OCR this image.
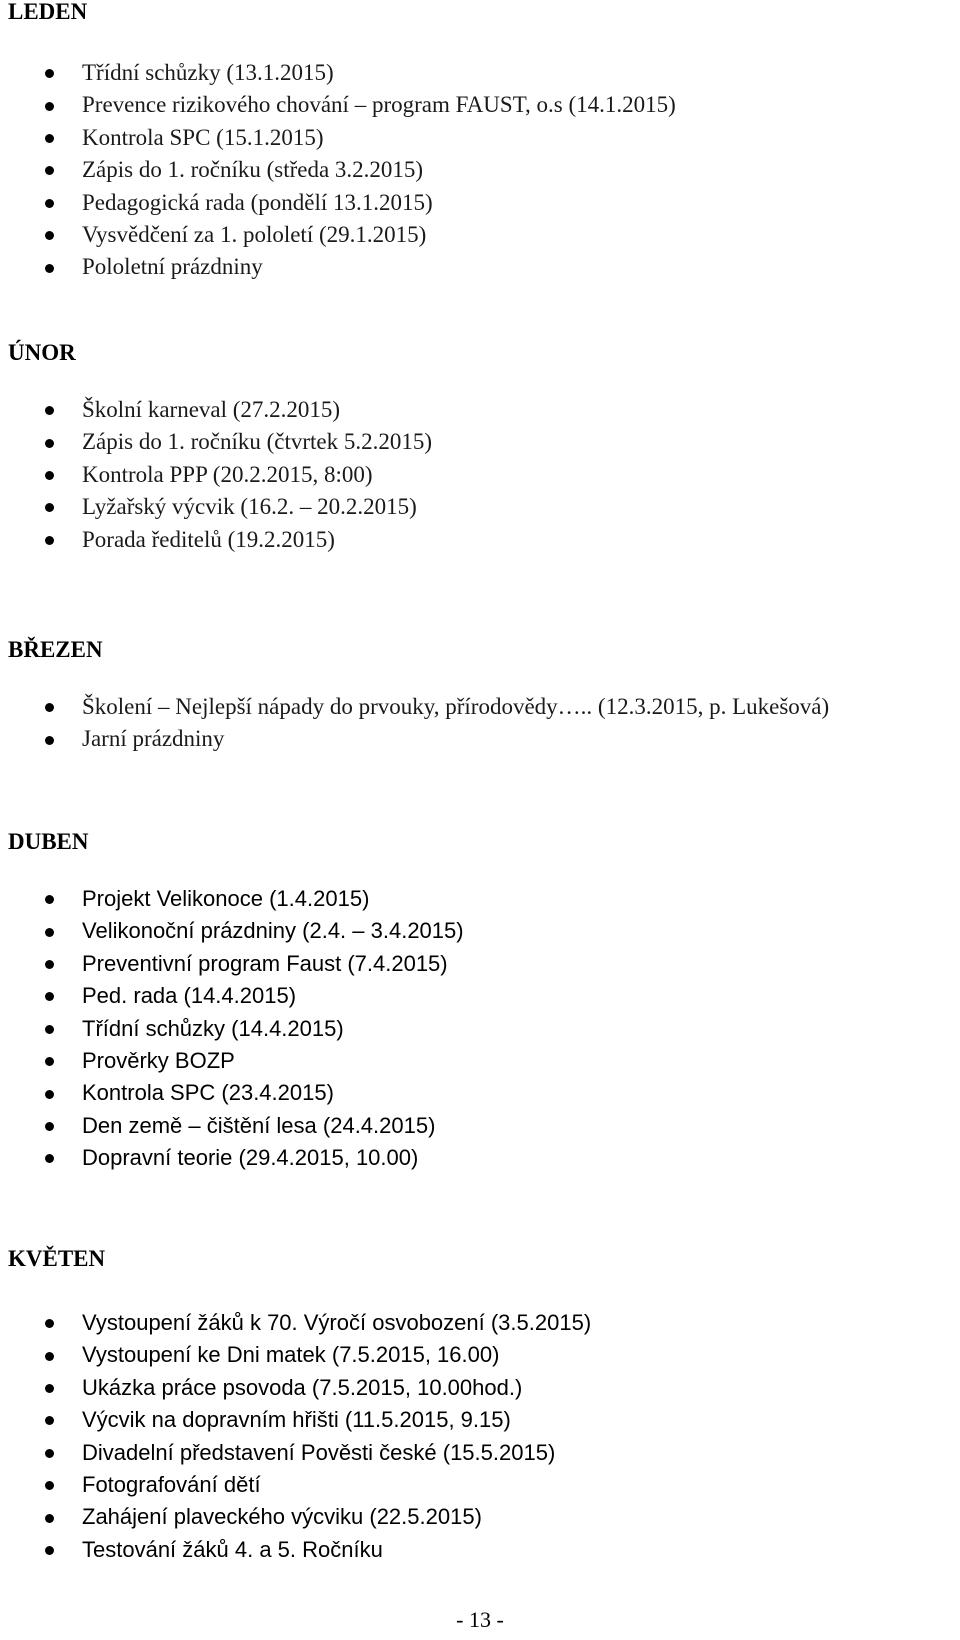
LEDEN
Třídní schůzky (13.1.2015)
Prevence rizikového chování – program FAUST, o.s (14.1.2015)
Kontrola SPC (15.1.2015)
Zápis do 1. ročníku (středa 3.2.2015)
Pedagogická rada (pondělí 13.1.2015)
Vysvědčení za 1. pololetí (29.1.2015)
Pololetní prázdniny
ÚNOR
Školní karneval (27.2.2015)
Zápis do 1. ročníku (čtvrtek 5.2.2015)
Kontrola PPP (20.2.2015, 8:00)
Lyžařský výcvik (16.2. – 20.2.2015)
Porada ředitelů (19.2.2015)
BŘEZEN
Školení – Nejlepší nápady do prvouky, přírodovědy….. (12.3.2015, p. Lukešová)
Jarní prázdniny
DUBEN
Projekt Velikonoce (1.4.2015)
Velikonoční prázdniny (2.4. – 3.4.2015)
Preventivní program Faust (7.4.2015)
Ped. rada (14.4.2015)
Třídní schůzky (14.4.2015)
Prověrky BOZP
Kontrola SPC (23.4.2015)
Den země – čištění lesa (24.4.2015)
Dopravní teorie (29.4.2015, 10.00)
KVĚTEN
Vystoupení žáků k 70. Výročí osvobození (3.5.2015)
Vystoupení ke Dni matek (7.5.2015, 16.00)
Ukázka práce psovoda (7.5.2015, 10.00hod.)
Výcvik na dopravním hřišti (11.5.2015, 9.15)
Divadelní představení Pověsti české (15.5.2015)
Fotografování dětí
Zahájení plaveckého výcviku (22.5.2015)
Testování žáků 4. a 5. Ročníku
- 13 -
